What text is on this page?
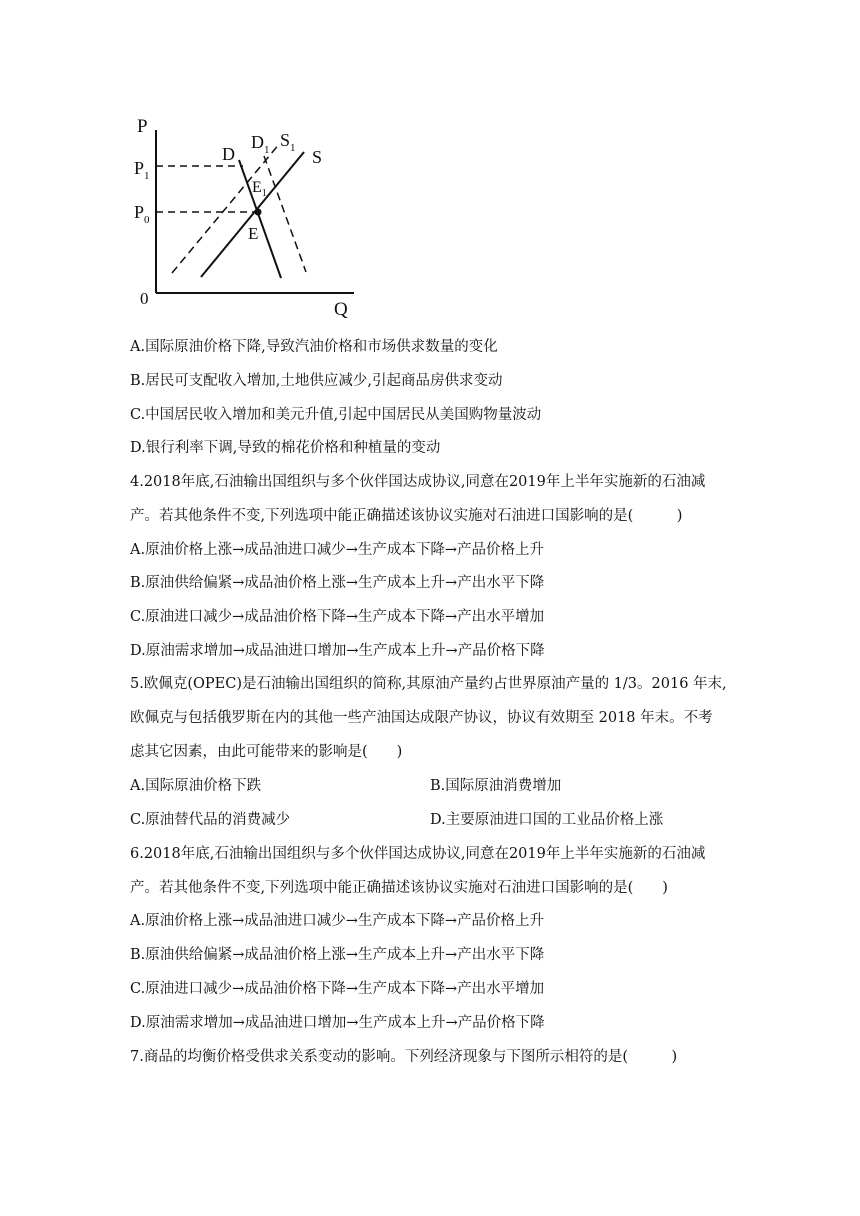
P
Q
0
$P_1$
$P_0$
D
$D_1$ $S_1$ S
$E_1$
E
A.国际原油价格下降,导致汽油价格和市场供求数量的变化
B.居民可支配收入增加,土地供应减少,引起商品房供求变动
C.中国居民收入增加和美元升值,引起中国居民从美国购物量波动
D.银行利率下调,导致的棉花价格和种植量的变动
4.2018年底,石油输出国组织与多个伙伴国达成协议,同意在2019年上半年实施新的石油减
产。若其他条件不变,下列选项中能正确描述该协议实施对石油进口国影响的是(　　　)
A.原油价格上涨→成品油进口减少→生产成本下降→产品价格上升
B.原油供给偏紧→成品油价格上涨→生产成本上升→产出水平下降
C.原油进口减少→成品油价格下降→生产成本下降→产出水平增加
D.原油需求增加→成品油进口增加→生产成本上升→产品价格下降
5.欧佩克(OPEC)是石油输出国组织的简称,其原油产量约占世界原油产量的 1/3。2016 年末,
欧佩克与包括俄罗斯在内的其他一些产油国达成限产协议，协议有效期至 2018 年末。不考
虑其它因素，由此可能带来的影响是(　　)
A.国际原油价格下跌	B.国际原油消费增加
C.原油替代品的消费减少	D.主要原油进口国的工业品价格上涨
6.2018年底,石油输出国组织与多个伙伴国达成协议,同意在2019年上半年实施新的石油减
产。若其他条件不变,下列选项中能正确描述该协议实施对石油进口国影响的是(　　)
A.原油价格上涨→成品油进口减少→生产成本下降→产品价格上升
B.原油供给偏紧→成品油价格上涨→生产成本上升→产出水平下降
C.原油进口减少→成品油价格下降→生产成本下降→产出水平增加
D.原油需求增加→成品油进口增加→生产成本上升→产品价格下降
7.商品的均衡价格受供求关系变动的影响。下列经济现象与下图所示相符的是(　　　)
